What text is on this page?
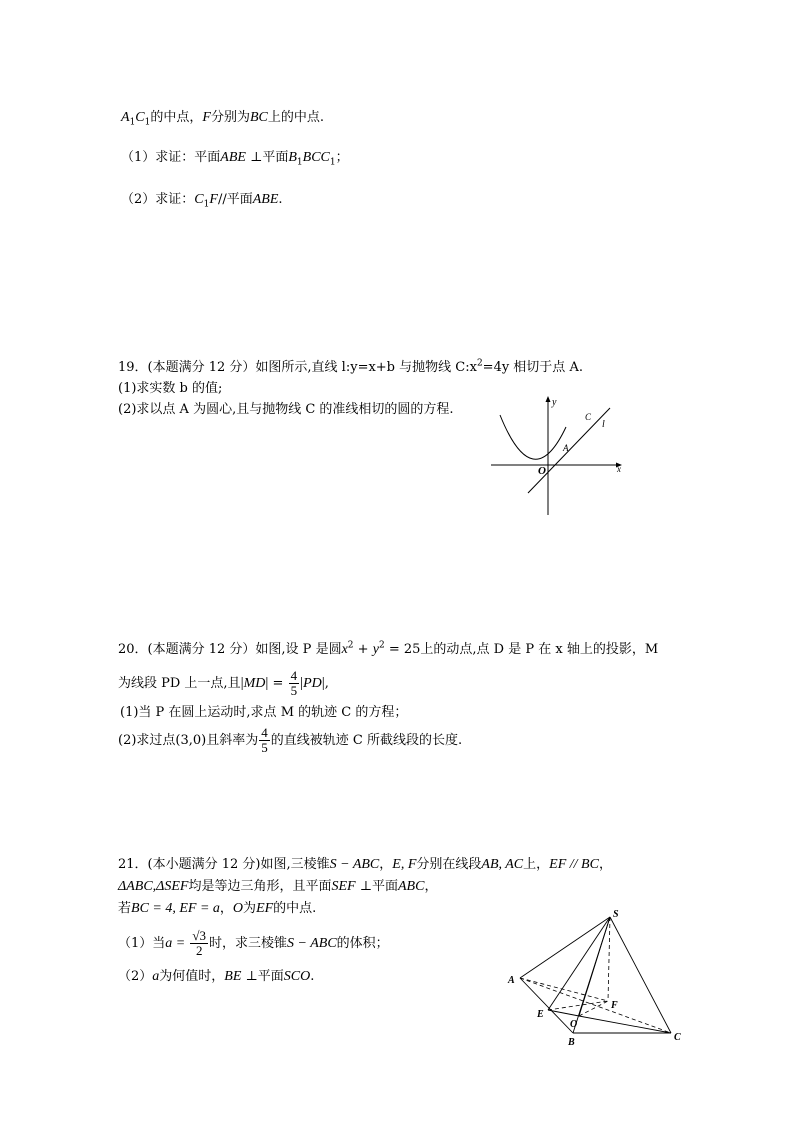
$A_1C_1$的中点，F分别为BC上的中点.
（1）求证：平面ABE ⊥平面$B_1BCC_1$；
（2）求证：$C_1F//$平面ABE.
19．(本题满分 12 分）如图所示,直线 l:y=x+b 与抛物线 $C:x^2=4y$ 相切于点 A.
(1)求实数 b 的值;
(2)求以点 A 为圆心,且与抛物线 C 的准线相切的圆的方程.	y
x
O
A
C
l
20．(本题满分 12 分）如图,设 P 是圆$x^2 + y^2 = 25$上的动点,点 D 是 P 在 x 轴上的投影，M
为线段 PD 上一点,且$|MD| = \frac{4}{5} |PD|$,
(1)当 P 在圆上运动时,求点 M 的轨迹 C 的方程；
(2)求过点(3,0)且斜率为 $\frac{4}{5}$ 的直线被轨迹 C 所截线段的长度.
21．(本小题满分 12 分)如图,三棱锥S − ABC，E, F分别在线段AB, AC上，EF // BC，
ΔABC,ΔSEF均是等边三角形，且平面SEF ⊥平面ABC，
若BC = 4, EF = a，O为EF的中点.
（1）当$a = \frac{√3}{2}$ 时，求三棱锥S − ABC的体积；
（2）a为何值时，BE ⊥平面SCO.
S
A
E
O
F
B	C
